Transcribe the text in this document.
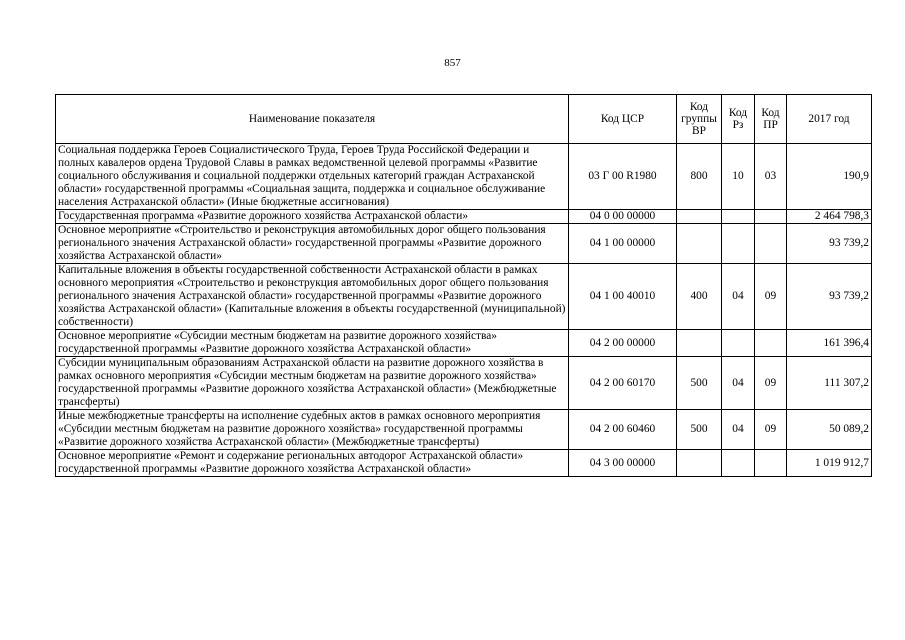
857
Наименование показателя	Код ЦСР	Код группы ВР	Код Рз	Код ПР	2017 год
Социальная поддержка Героев Социалистического Труда, Героев Труда Российской Федерации и полных кавалеров ордена Трудовой Славы в рамках ведомственной целевой программы «Развитие социального обслуживания и социальной поддержки отдельных категорий граждан Астраханской области» государственной программы «Социальная защита, поддержка и социальное обслуживание населения Астраханской области» (Иные бюджетные ассигнования)	03 Г 00 R1980	800	10	03	190,9
Государственная программа «Развитие дорожного хозяйства Астраханской области»	04 0 00 00000				2 464 798,3
Основное мероприятие «Строительство и реконструкция автомобильных дорог общего пользования регионального значения Астраханской области» государственной программы «Развитие дорожного хозяйства Астраханской области»	04 1 00 00000				93 739,2
Капитальные вложения в объекты государственной собственности Астраханской области в рамках основного мероприятия «Строительство и реконструкция автомобильных дорог общего пользования регионального значения Астраханской области» государственной программы «Развитие дорожного хозяйства Астраханской области» (Капитальные вложения в объекты государственной (муниципальной) собственности)	04 1 00 40010	400	04	09	93 739,2
Основное мероприятие «Субсидии местным бюджетам на развитие дорожного хозяйства» государственной программы «Развитие дорожного хозяйства Астраханской области»	04 2 00 00000				161 396,4
Субсидии муниципальным образованиям Астраханской области на развитие дорожного хозяйства в рамках основного мероприятия «Субсидии местным бюджетам на развитие дорожного хозяйства» государственной программы «Развитие дорожного хозяйства Астраханской области» (Межбюджетные трансферты)	04 2 00 60170	500	04	09	111 307,2
Иные межбюджетные трансферты на исполнение судебных актов в рамках основного мероприятия «Субсидии местным бюджетам на развитие дорожного хозяйства» государственной программы «Развитие дорожного хозяйства Астраханской области» (Межбюджетные трансферты)	04 2 00 60460	500	04	09	50 089,2
Основное мероприятие «Ремонт и содержание региональных автодорог Астраханской области» государственной программы «Развитие дорожного хозяйства Астраханской области»	04 3 00 00000				1 019 912,7
